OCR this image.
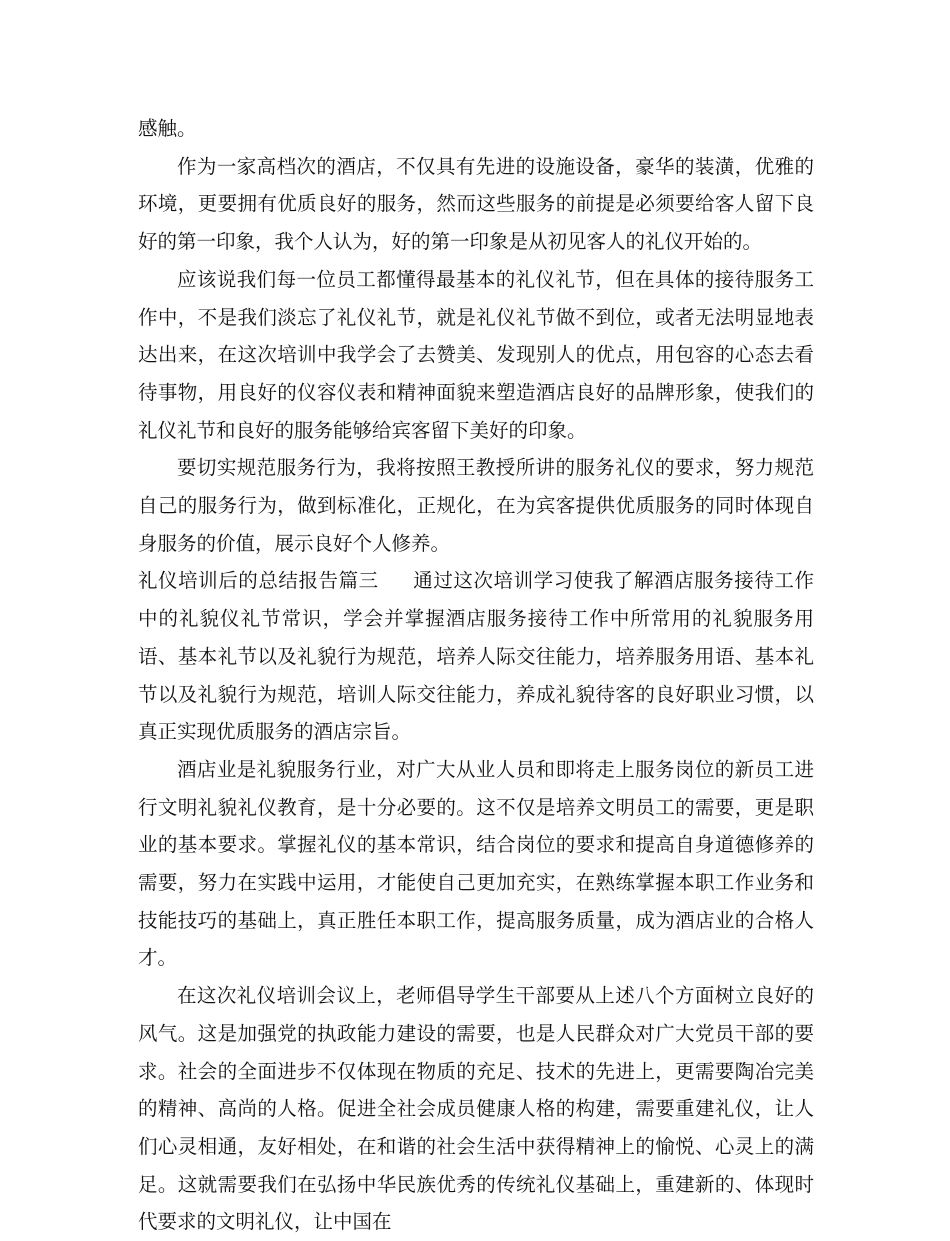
感触。

作为一家高档次的酒店，不仅具有先进的设施设备，豪华的装潢，优雅的环境，更要拥有优质良好的服务，然而这些服务的前提是必须要给客人留下良好的第一印象，我个人认为，好的第一印象是从初见客人的礼仪开始的。

应该说我们每一位员工都懂得最基本的礼仪礼节，但在具体的接待服务工作中，不是我们淡忘了礼仪礼节，就是礼仪礼节做不到位，或者无法明显地表达出来，在这次培训中我学会了去赞美、发现别人的优点，用包容的心态去看待事物，用良好的仪容仪表和精神面貌来塑造酒店良好的品牌形象，使我们的礼仪礼节和良好的服务能够给宾客留下美好的印象。

要切实规范服务行为，我将按照王教授所讲的服务礼仪的要求，努力规范自己的服务行为，做到标准化，正规化，在为宾客提供优质服务的同时体现自身服务的价值，展示良好个人修养。

礼仪培训后的总结报告篇三 通过这次培训学习使我了解酒店服务接待工作中的礼貌仪礼节常识，学会并掌握酒店服务接待工作中所常用的礼貌服务用语、基本礼节以及礼貌行为规范，培养人际交往能力，培养服务用语、基本礼节以及礼貌行为规范，培训人际交往能力，养成礼貌待客的良好职业习惯，以真正实现优质服务的酒店宗旨。

酒店业是礼貌服务行业，对广大从业人员和即将走上服务岗位的新员工进行文明礼貌礼仪教育，是十分必要的。这不仅是培养文明员工的需要，更是职业的基本要求。掌握礼仪的基本常识，结合岗位的要求和提高自身道德修养的需要，努力在实践中运用，才能使自己更加充实，在熟练掌握本职工作业务和技能技巧的基础上，真正胜任本职工作，提高服务质量，成为酒店业的合格人才。

在这次礼仪培训会议上，老师倡导学生干部要从上述八个方面树立良好的风气。这是加强党的执政能力建设的需要，也是人民群众对广大党员干部的要求。社会的全面进步不仅体现在物质的充足、技术的先进上，更需要陶冶完美的精神、高尚的人格。促进全社会成员健康人格的构建，需要重建礼仪，让人们心灵相通，友好相处，在和谐的社会生活中获得精神上的愉悦、心灵上的满足。这就需要我们在弘扬中华民族优秀的传统礼仪基础上，重建新的、体现时代要求的文明礼仪，让中国在
